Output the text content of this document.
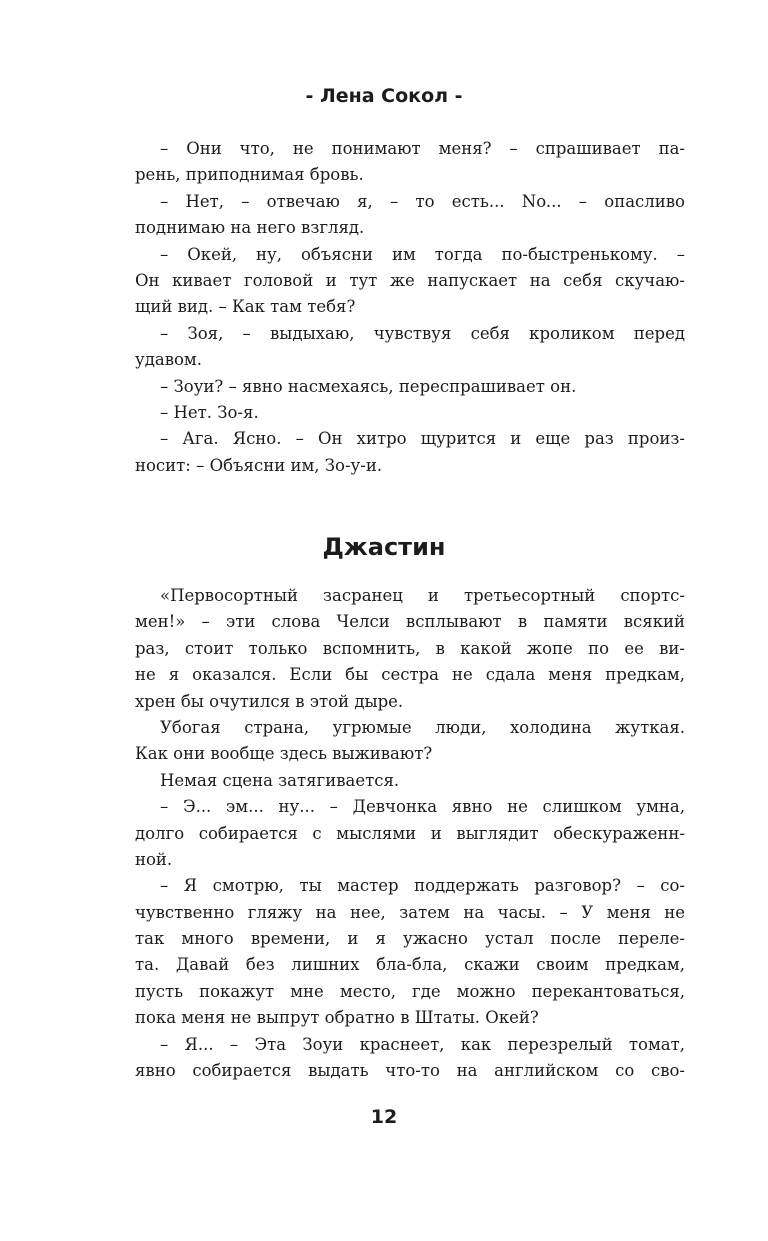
- Лена Сокол -
– Они что, не понимают меня? – спрашивает па-
рень, приподнимая бровь.
– Нет, – отвечаю я, – то есть... No... – опасливо
поднимаю на него взгляд.
– Окей, ну, объясни им тогда по-быстренькому. –
Он кивает головой и тут же напускает на себя скучаю-
щий вид. – Как там тебя?
– Зоя, – выдыхаю, чувствуя себя кроликом перед
удавом.
– Зоуи? – явно насмехаясь, переспрашивает он.
– Нет. Зо-я.
– Ага. Ясно. – Он хитро щурится и еще раз произ-
носит: – Объясни им, Зо-у-и.
Джастин
«Первосортный засранец и третьесортный спортс-
мен!» – эти слова Челси всплывают в памяти всякий
раз, стоит только вспомнить, в какой жопе по ее ви-
не я оказался. Если бы сестра не сдала меня предкам,
хрен бы очутился в этой дыре.
Убогая страна, угрюмые люди, холодина жуткая.
Как они вообще здесь выживают?
Немая сцена затягивается.
– Э... эм... ну... – Девчонка явно не слишком умна,
долго собирается с мыслями и выглядит обескураженн-
ной.
– Я смотрю, ты мастер поддержать разговор? – со-
чувственно гляжу на нее, затем на часы. – У меня не
так много времени, и я ужасно устал после переле-
та. Давай без лишних бла-бла, скажи своим предкам,
пусть покажут мне место, где можно перекантоваться,
пока меня не выпрут обратно в Штаты. Окей?
– Я... – Эта Зоуи краснеет, как перезрелый томат,
явно собирается выдать что-то на английском со сво-
12
